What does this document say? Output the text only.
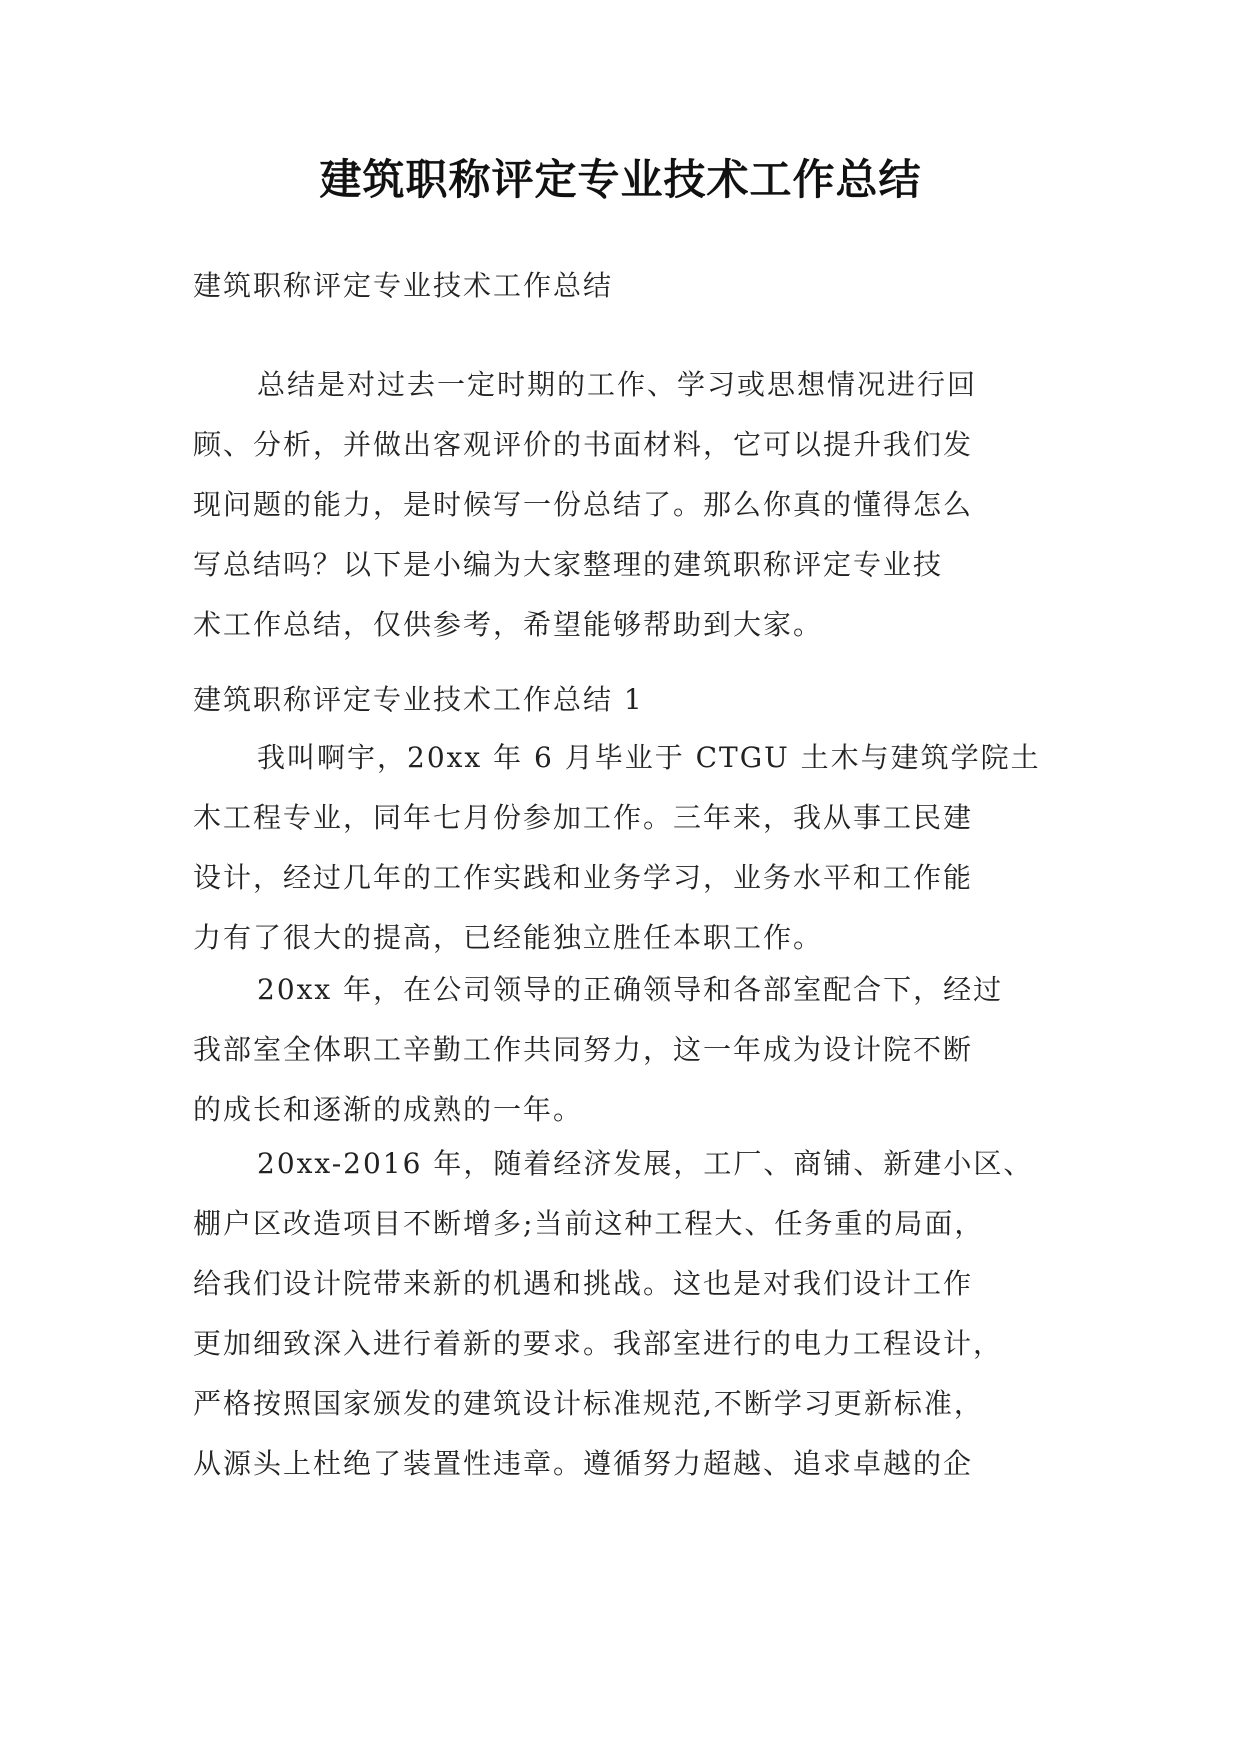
建筑职称评定专业技术工作总结
建筑职称评定专业技术工作总结
总结是对过去一定时期的工作、学习或思想情况进行回
顾、分析，并做出客观评价的书面材料，它可以提升我们发
现问题的能力，是时候写一份总结了。那么你真的懂得怎么
写总结吗？以下是小编为大家整理的建筑职称评定专业技
术工作总结，仅供参考，希望能够帮助到大家。
建筑职称评定专业技术工作总结 1
我叫啊宇，20xx 年 6 月毕业于 CTGU 土木与建筑学院土
木工程专业，同年七月份参加工作。三年来，我从事工民建
设计，经过几年的工作实践和业务学习，业务水平和工作能
力有了很大的提高，已经能独立胜任本职工作。
20xx 年，在公司领导的正确领导和各部室配合下，经过
我部室全体职工辛勤工作共同努力，这一年成为设计院不断
的成长和逐渐的成熟的一年。
20xx-2016 年，随着经济发展，工厂、商铺、新建小区、
棚户区改造项目不断增多;当前这种工程大、任务重的局面，
给我们设计院带来新的机遇和挑战。这也是对我们设计工作
更加细致深入进行着新的要求。我部室进行的电力工程设计，
严格按照国家颁发的建筑设计标准规范,不断学习更新标准，
从源头上杜绝了装置性违章。遵循努力超越、追求卓越的企
